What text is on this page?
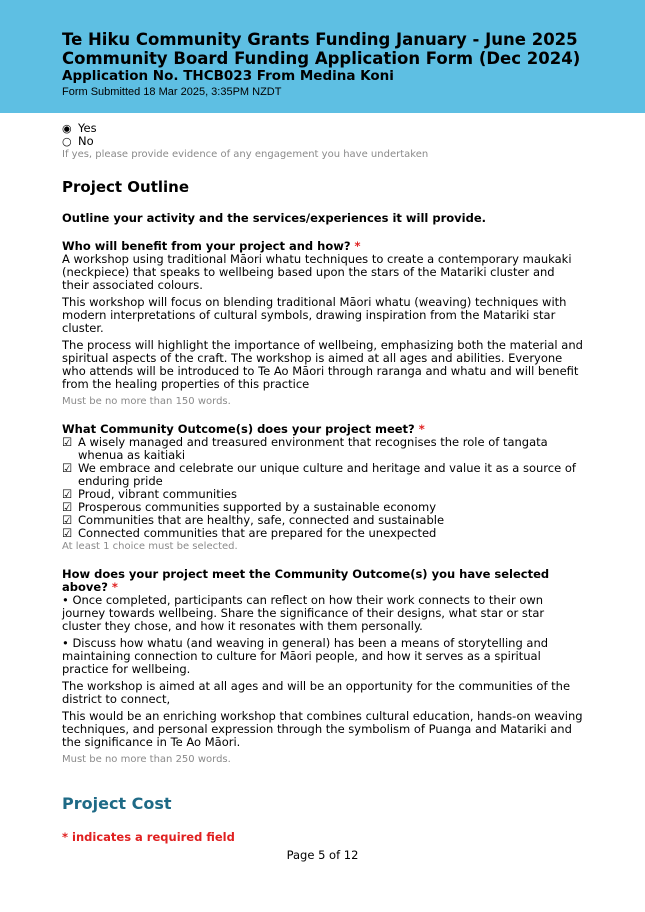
Te Hiku Community Grants Funding January - June 2025
Community Board Funding Application Form (Dec 2024)
Application No. THCB023 From Medina Koni
Form Submitted 18 Mar 2025, 3:35PM NZDT
◉ Yes
○ No
If yes, please provide evidence of any engagement you have undertaken
Project Outline
Outline your activity and the services/experiences it will provide.
Who will benefit from your project and how? *

A workshop using traditional Māori whatu techniques to create a contemporary maukaki (neckpiece) that speaks to wellbeing based upon the stars of the Matariki cluster and their associated colours.

This workshop will focus on blending traditional Māori whatu (weaving) techniques with modern interpretations of cultural symbols, drawing inspiration from the Matariki star cluster.

The process will highlight the importance of wellbeing, emphasizing both the material and spiritual aspects of the craft. The workshop is aimed at all ages and abilities. Everyone who attends will be introduced to Te Ao Māori through raranga and whatu and will benefit from the healing properties of this practice

Must be no more than 150 words.
What Community Outcome(s) does your project meet? *
☑ A wisely managed and treasured environment that recognises the role of tangata whenua as kaitiaki
☑ We embrace and celebrate our unique culture and heritage and value it as a source of enduring pride
☑ Proud, vibrant communities
☑ Prosperous communities supported by a sustainable economy
☑ Communities that are healthy, safe, connected and sustainable
☑ Connected communities that are prepared for the unexpected
At least 1 choice must be selected.
How does your project meet the Community Outcome(s) you have selected above? *

• Once completed, participants can reflect on how their work connects to their own journey towards wellbeing. Share the significance of their designs, what star or star cluster they chose, and how it resonates with them personally.

• Discuss how whatu (and weaving in general) has been a means of storytelling and maintaining connection to culture for Māori people, and how it serves as a spiritual practice for wellbeing.

The workshop is aimed at all ages and will be an opportunity for the communities of the district to connect,

This would be an enriching workshop that combines cultural education, hands-on weaving techniques, and personal expression through the symbolism of Puanga and Matariki and the significance in Te Ao Māori.

Must be no more than 250 words.
Project Cost
* indicates a required field
Page 5 of 12
